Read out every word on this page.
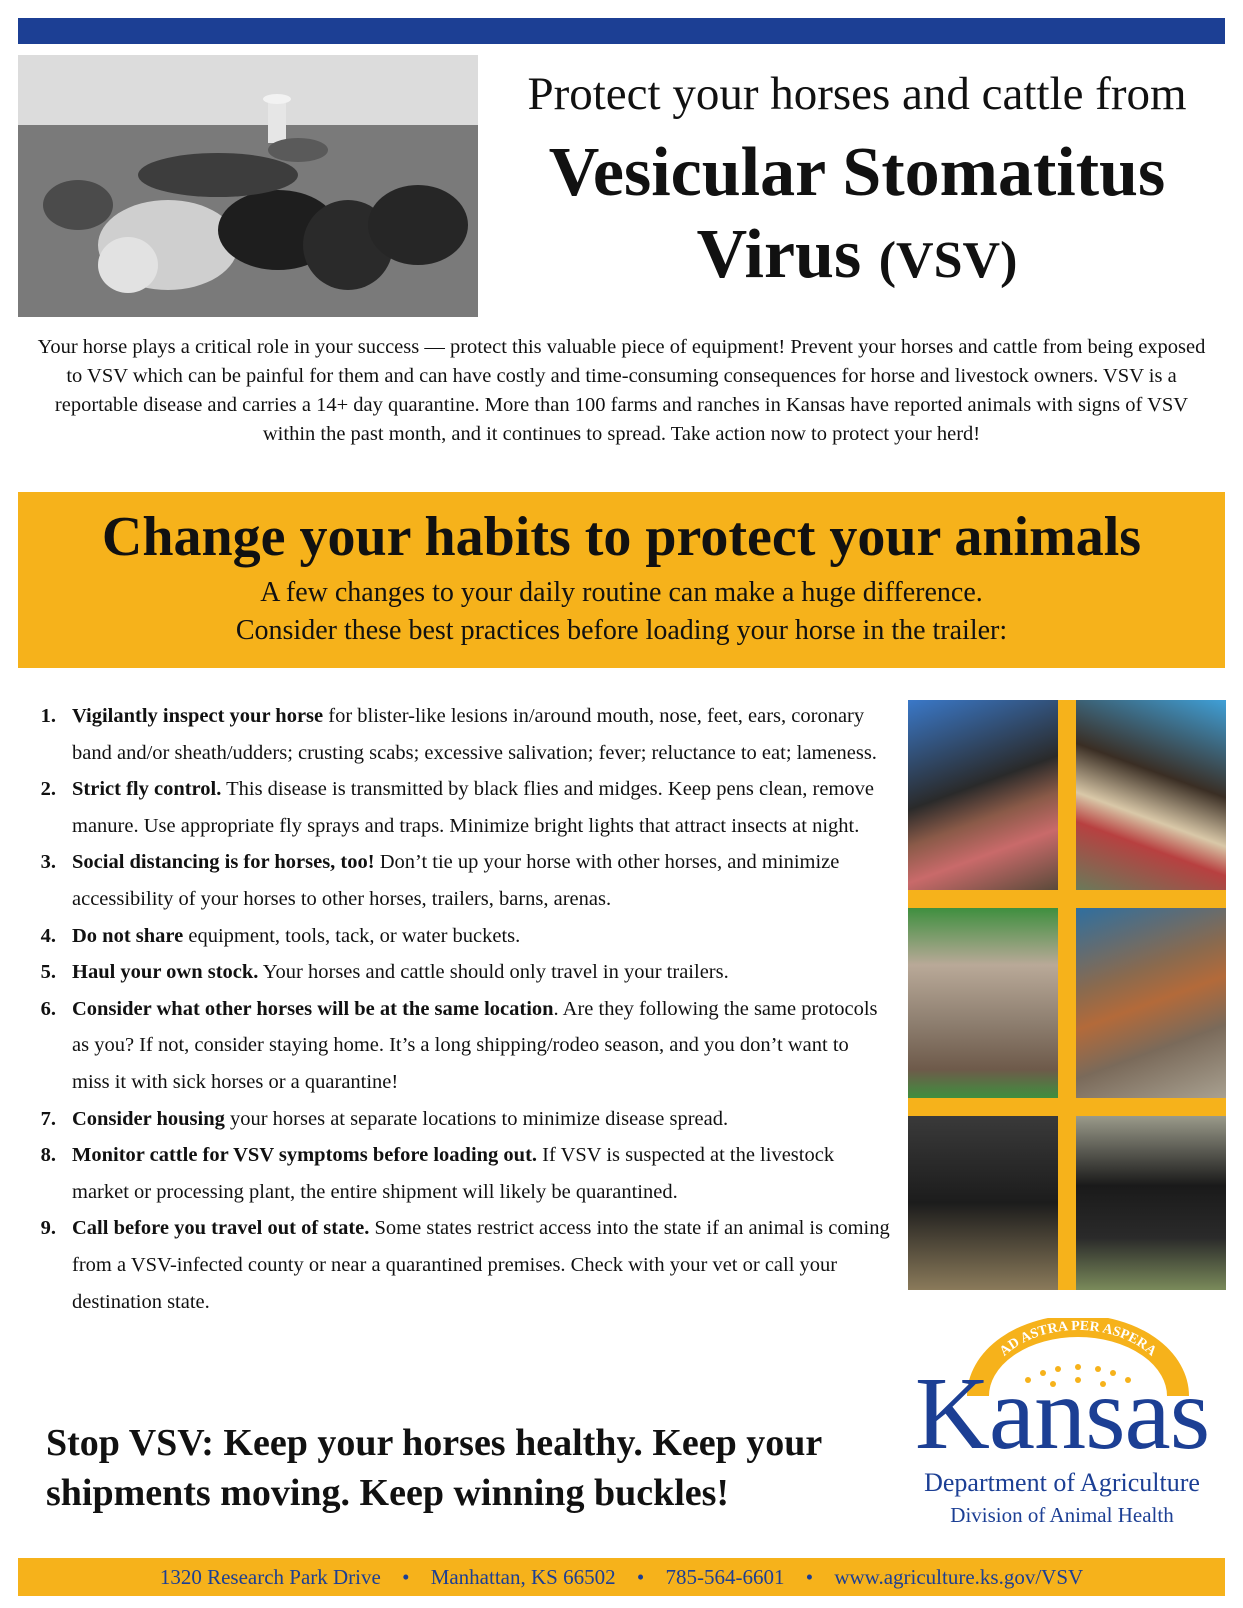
Protect your horses and cattle from
Vesicular Stomatitus
Virus (VSV)
Your horse plays a critical role in your success — protect this valuable piece of equipment! Prevent your horses and cattle from being exposed to VSV which can be painful for them and can have costly and time-consuming consequences for horse and livestock owners. VSV is a reportable disease and carries a 14+ day quarantine. More than 100 farms and ranches in Kansas have reported animals with signs of VSV within the past month, and it continues to spread. Take action now to protect your herd!
Change your habits to protect your animals
A few changes to your daily routine can make a huge difference.
Consider these best practices before loading your horse in the trailer:
1. Vigilantly inspect your horse for blister-like lesions in/around mouth, nose, feet, ears, coronary band and/or sheath/udders; crusting scabs; excessive salivation; fever; reluctance to eat; lameness.
2. Strict fly control. This disease is transmitted by black flies and midges. Keep pens clean, remove manure. Use appropriate fly sprays and traps. Minimize bright lights that attract insects at night.
3. Social distancing is for horses, too! Don’t tie up your horse with other horses, and minimize accessibility of your horses to other horses, trailers, barns, arenas.
4. Do not share equipment, tools, tack, or water buckets.
5. Haul your own stock. Your horses and cattle should only travel in your trailers.
6. Consider what other horses will be at the same location. Are they following the same protocols as you? If not, consider staying home. It’s a long shipping/rodeo season, and you don’t want to miss it with sick horses or a quarantine!
7. Consider housing your horses at separate locations to minimize disease spread.
8. Monitor cattle for VSV symptoms before loading out. If VSV is suspected at the livestock market or processing plant, the entire shipment will likely be quarantined.
9. Call before you travel out of state. Some states restrict access into the state if an animal is coming from a VSV-infected county or near a quarantined premises. Check with your vet or call your destination state.
Stop VSV: Keep your horses healthy. Keep your shipments moving. Keep winning buckles!
AD ASTRA PER ASPERA
Kansas
Department of Agriculture
Division of Animal Health
1320 Research Park Drive • Manhattan, KS 66502 • 785-564-6601 • www.agriculture.ks.gov/VSV
